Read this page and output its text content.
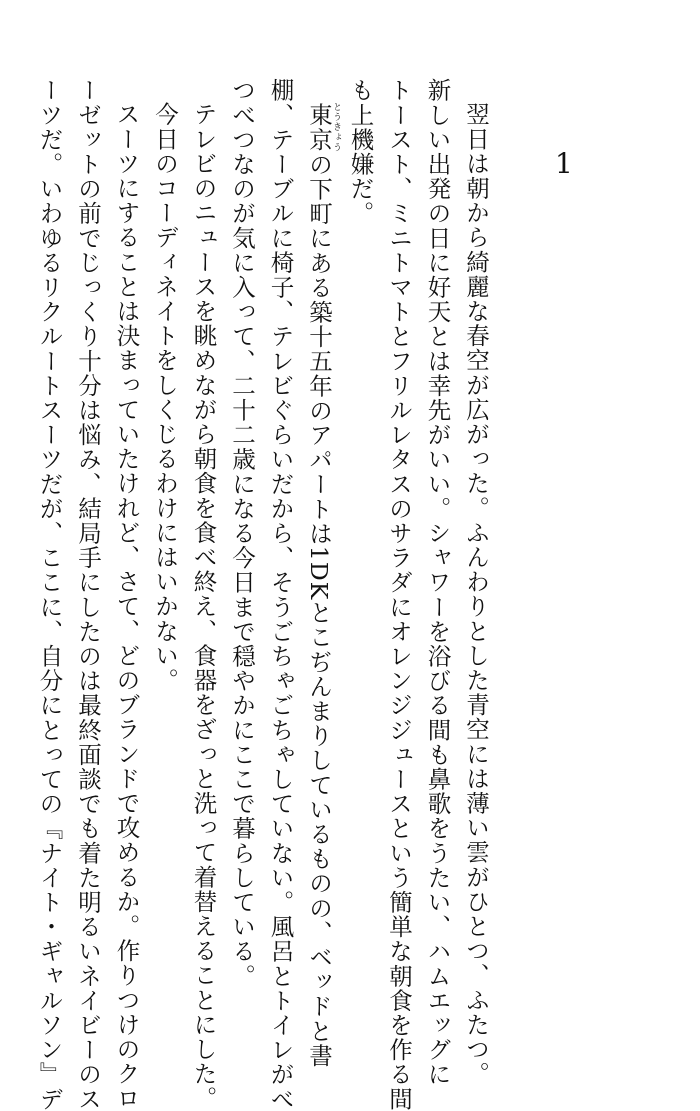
1
翌日は朝から綺麗な春空が広がった。ふんわりとした青空には薄い雲がひとつ、ふたつ。
新しい出発の日に好天とは幸先がいい。シャワーを浴びる間も鼻歌をうたい、ハムエッグに
トースト、ミニトマトとフリルレタスのサラダにオレンジジュースという簡単な朝食を作る間
も上機嫌だ。
東京とうきょうの下町にある築十五年のアパートは1DKとこぢんまりしているものの、ベッドと書
棚、テーブルに椅子、テレビぐらいだから、そうごちゃごちゃしていない。風呂とトイレがべ
つべつなのが気に入って、二十二歳になる今日まで穏やかにここで暮らしている。
テレビのニュースを眺めながら朝食を食べ終え、食器をざっと洗って着替えることにした。
今日のコーディネイトをしくじるわけにはいかない。
スーツにすることは決まっていたけれど、さて、どのブランドで攻めるか。作りつけのクロ
ーゼットの前でじっくり十分は悩み、結局手にしたのは最終面談でも着た明るいネイビーのス
ーツだ。いわゆるリクルートスーツだが、ここに、自分にとっての『ナイト・ギャルソン』デ
